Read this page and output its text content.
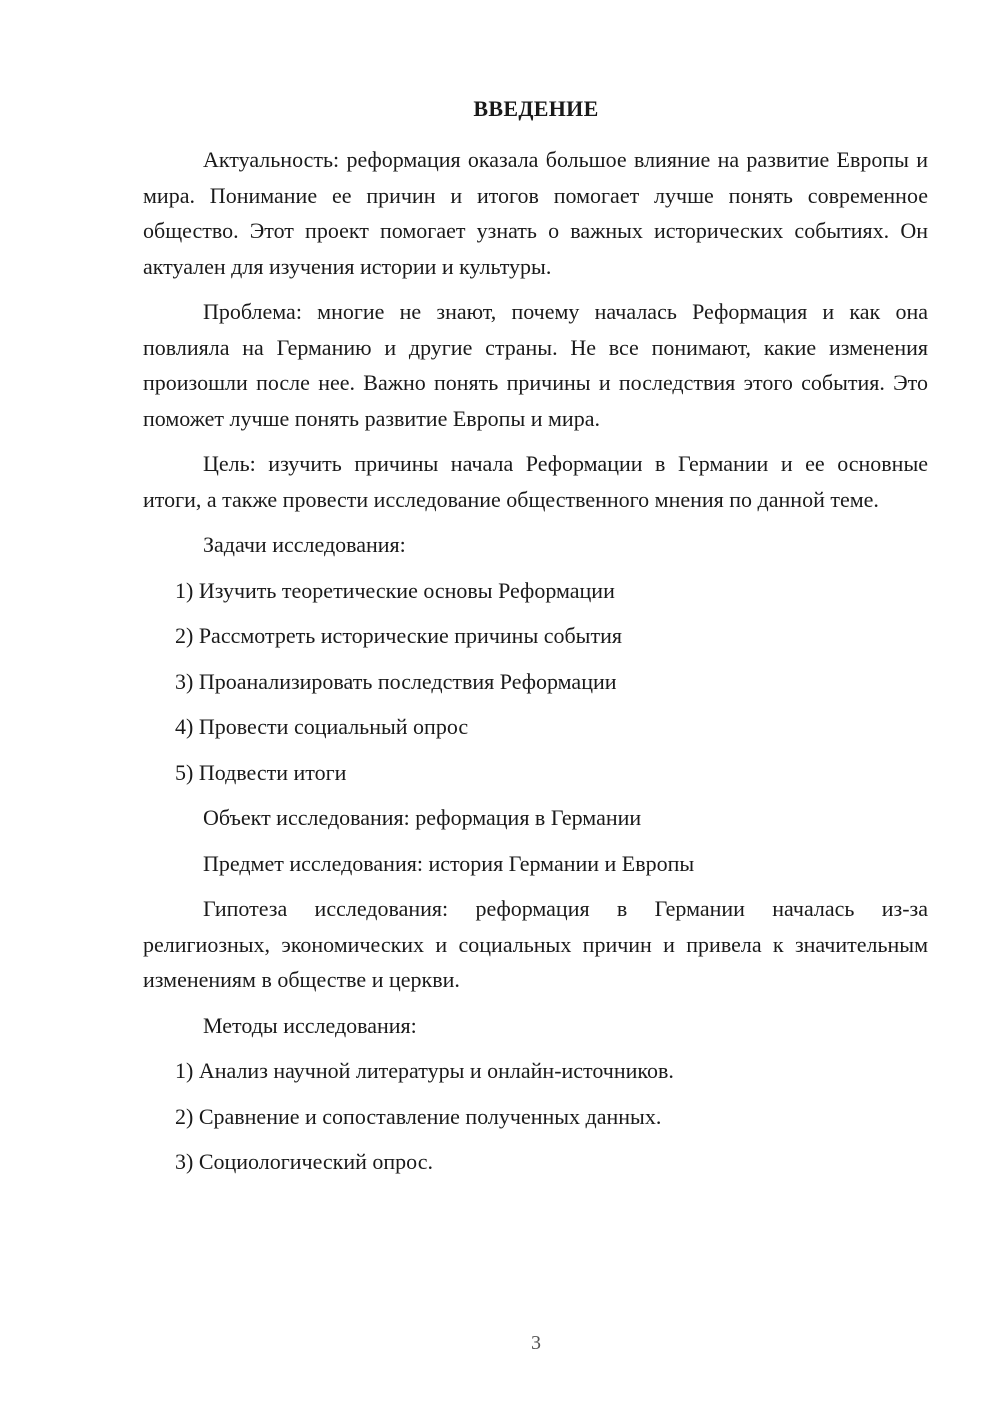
ВВЕДЕНИЕ

Актуальность: реформация оказала большое влияние на развитие Европы и мира. Понимание ее причин и итогов помогает лучше понять современное общество. Этот проект помогает узнать о важных исторических событиях. Он актуален для изучения истории и культуры.

Проблема: многие не знают, почему началась Реформация и как она повлияла на Германию и другие страны. Не все понимают, какие изменения произошли после нее. Важно понять причины и последствия этого события. Это поможет лучше понять развитие Европы и мира.

Цель: изучить причины начала Реформации в Германии и ее основные итоги, а также провести исследование общественного мнения по данной теме.

Задачи исследования:

1) Изучить теоретические основы Реформации

2) Рассмотреть исторические причины события

3) Проанализировать последствия Реформации

4) Провести социальный опрос

5) Подвести итоги

Объект исследования: реформация в Германии

Предмет исследования: история Германии и Европы

Гипотеза исследования: реформация в Германии началась из-за религиозных, экономических и социальных причин и привела к значительным изменениям в обществе и церкви.

Методы исследования:

1) Анализ научной литературы и онлайн-источников.

2) Сравнение и сопоставление полученных данных.

3) Социологический опрос.

3
